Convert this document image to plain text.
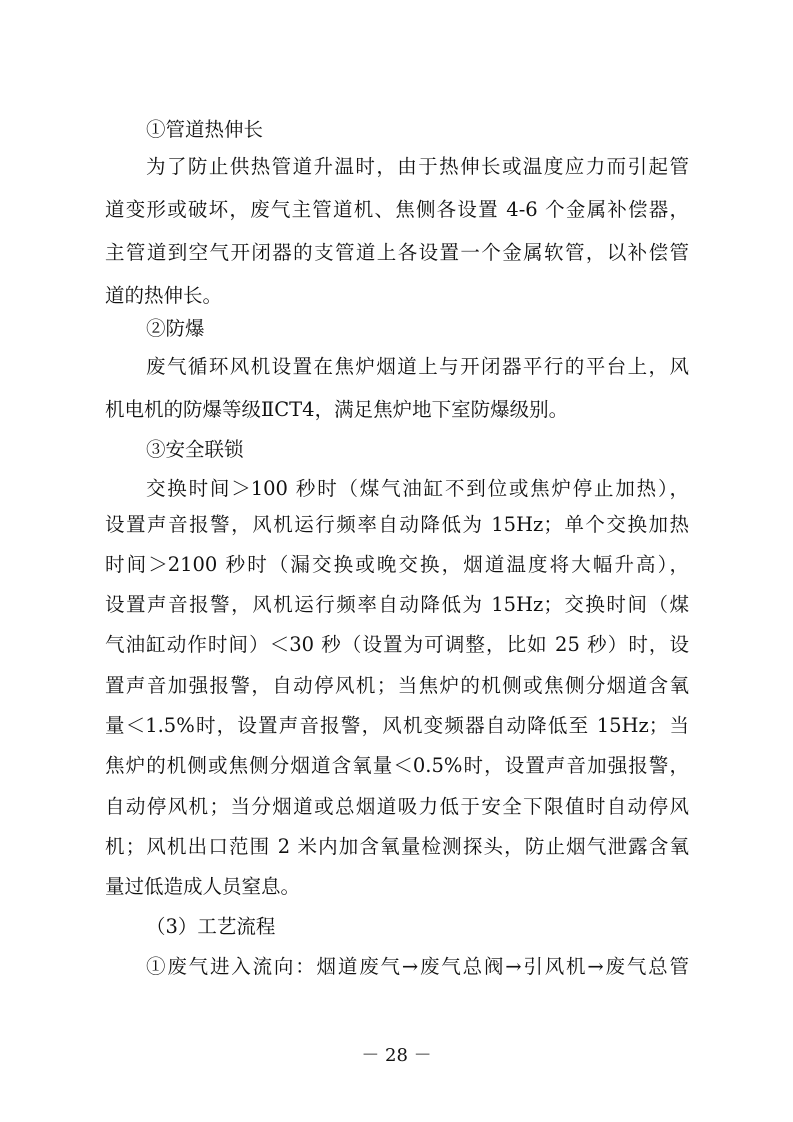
①管道热伸长
为了防止供热管道升温时，由于热伸长或温度应力而引起管
道变形或破坏，废气主管道机、焦侧各设置 4-6 个金属补偿器，
主管道到空气开闭器的支管道上各设置一个金属软管，以补偿管
道的热伸长。
②防爆
废气循环风机设置在焦炉烟道上与开闭器平行的平台上，风
机电机的防爆等级ⅡCT4，满足焦炉地下室防爆级别。
③安全联锁
交换时间＞100 秒时（煤气油缸不到位或焦炉停止加热），
设置声音报警，风机运行频率自动降低为 15Hz；单个交换加热
时间＞2100 秒时（漏交换或晚交换，烟道温度将大幅升高），
设置声音报警，风机运行频率自动降低为 15Hz；交换时间（煤
气油缸动作时间）＜30 秒（设置为可调整，比如 25 秒）时，设
置声音加强报警，自动停风机；当焦炉的机侧或焦侧分烟道含氧
量＜1.5%时，设置声音报警，风机变频器自动降低至 15Hz；当
焦炉的机侧或焦侧分烟道含氧量＜0.5%时，设置声音加强报警，
自动停风机；当分烟道或总烟道吸力低于安全下限值时自动停风
机；风机出口范围 2 米内加含氧量检测探头，防止烟气泄露含氧
量过低造成人员窒息。
（3）工艺流程
①废气进入流向：烟道废气→废气总阀→引风机→废气总管
－ 28 －
